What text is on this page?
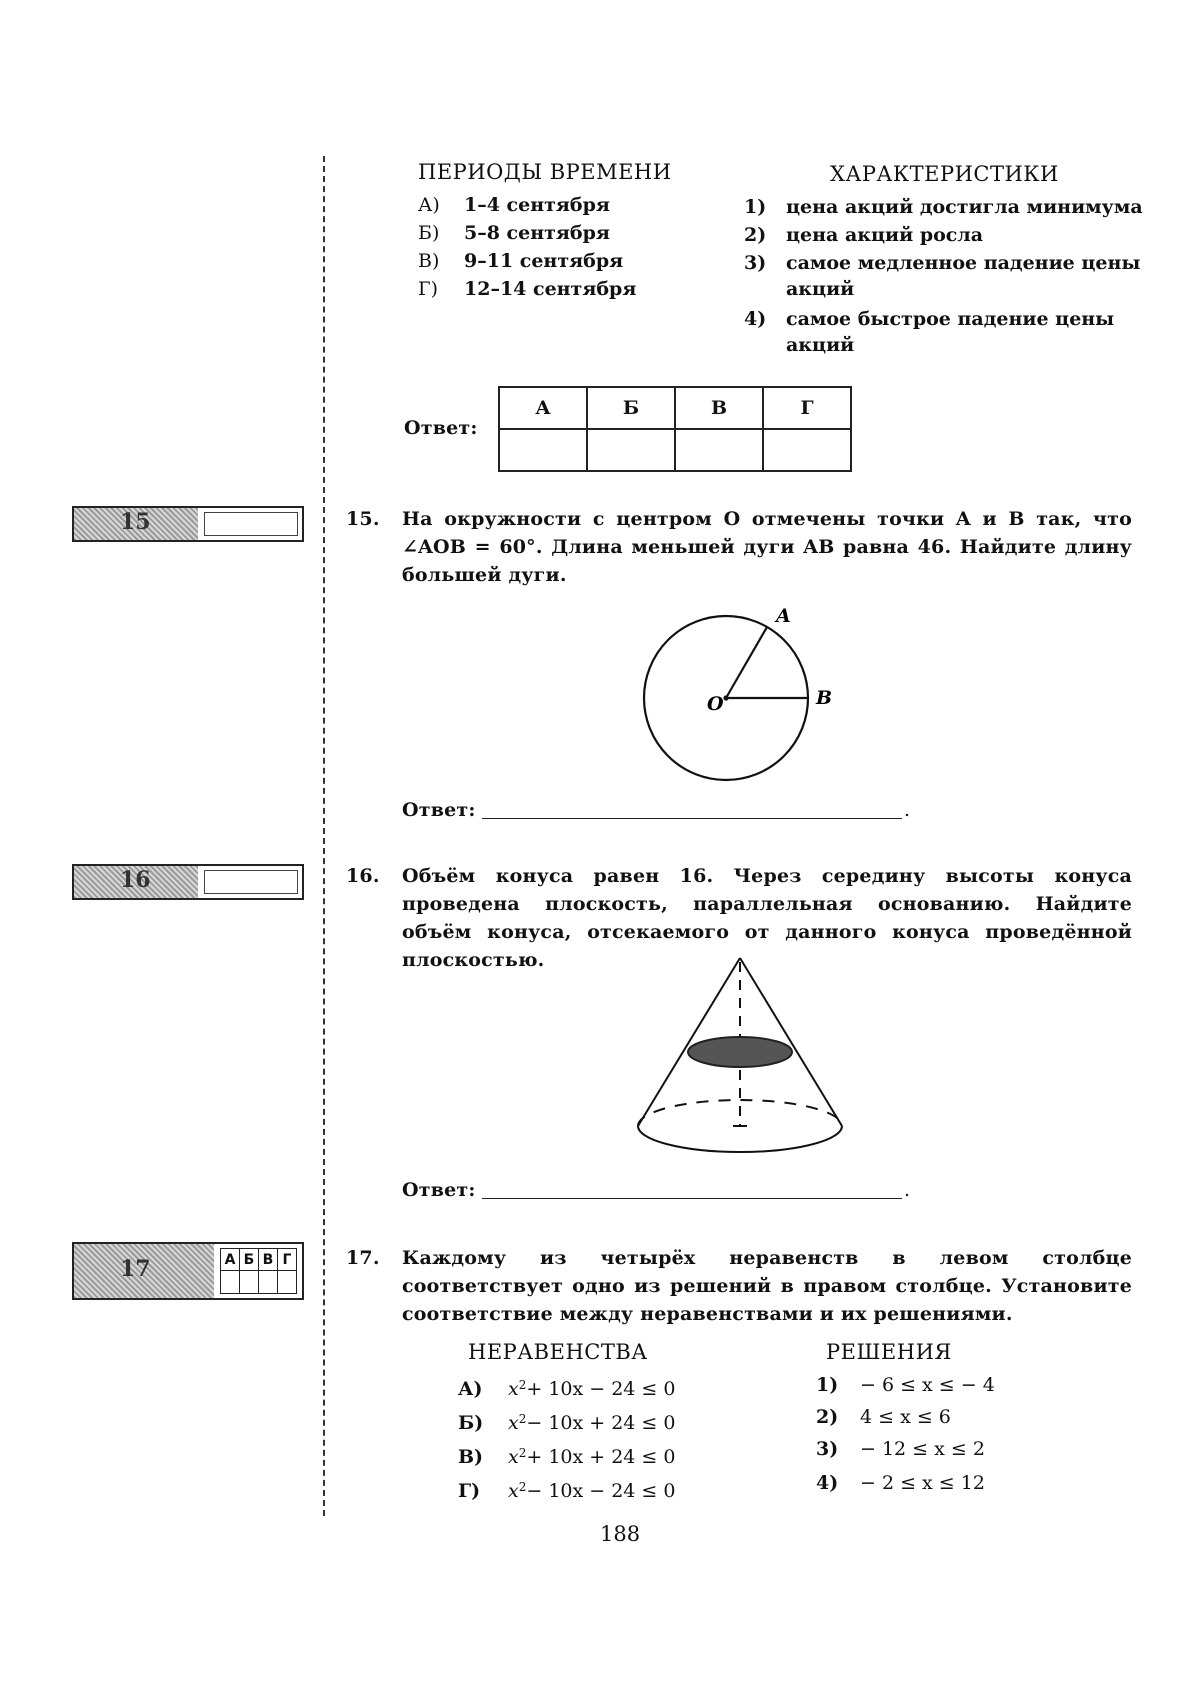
ПЕРИОДЫ ВРЕМЕНИ	ХАРАКТЕРИСТИКИ
А)	1–4 сентября
Б)	5–8 сентября
В)	9–11 сентября
Г)	12–14 сентября
1)	цена акций достигла минимума
2)	цена акций росла
3)	самое медленное падение цены
акций
4)	самое быстрое падение цены
акций
Ответ:
А	Б	В	Г

15	15. На окружности с центром O отмечены точки A и B так, что ∠AOB = 60°. Длина меньшей дуги AB равна 46. Найдите длину большей дуги.
O
A
B
Ответ:	.
16	16. Объём конуса равен 16. Через середину высоты конуса проведена плоскость, параллельная основанию. Найдите объём конуса, отсекаемого от данного конуса проведённой плоскостью.
Ответ:	.
17	А Б В Г	17. Каждому из четырёх неравенств в левом столбце соответствует одно из решений в правом столбце. Установите соответствие между неравенствами и их решениями.
НЕРАВЕНСТВА	РЕШЕНИЯ
А)	x 2 + 10x − 24 ≤ 0
Б)	x 2 − 10x + 24 ≤ 0
В)	x 2 + 10x + 24 ≤ 0
Г)	x 2 − 10x − 24 ≤ 0
1)	− 6 ≤ x ≤ − 4
2)	4 ≤ x ≤ 6
3)	− 12 ≤ x ≤ 2
4)	− 2 ≤ x ≤ 12
188
